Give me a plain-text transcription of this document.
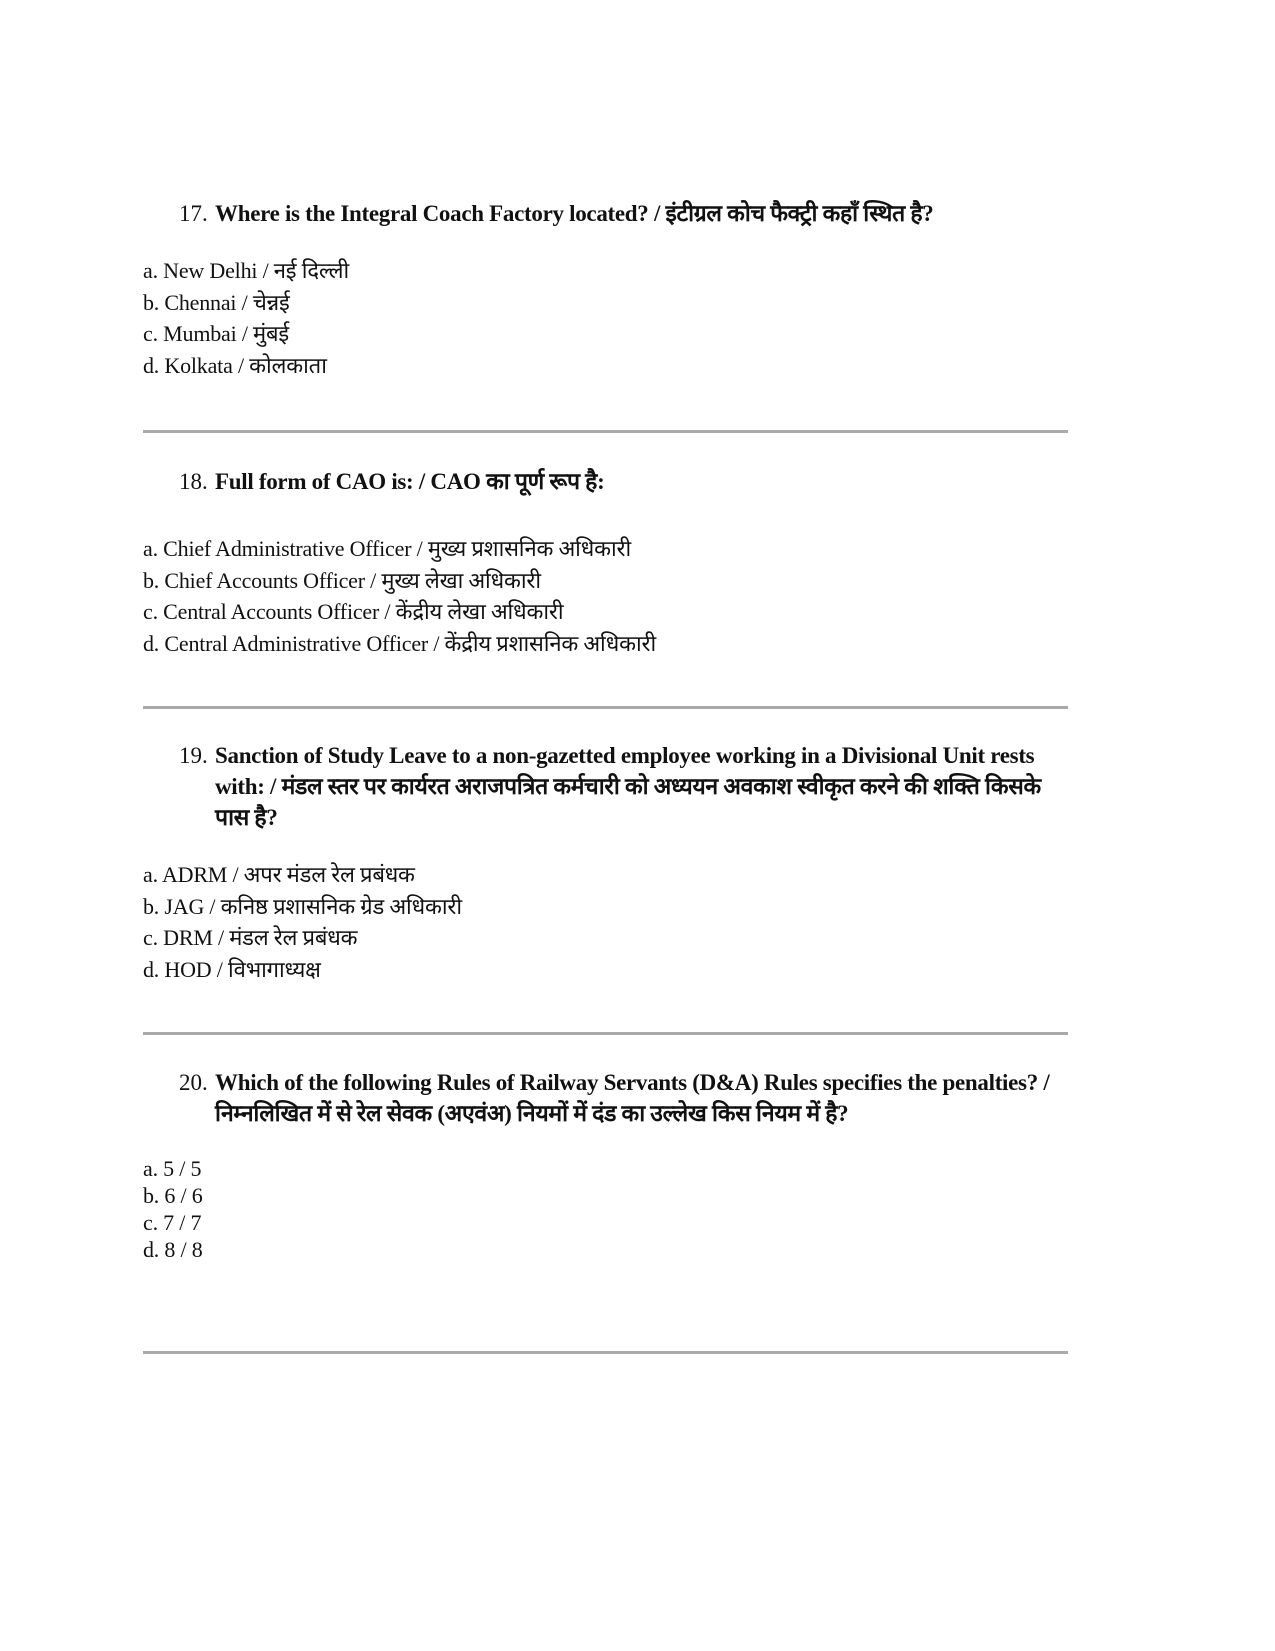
17. Where is the Integral Coach Factory located? / इंटीग्रल कोच फैक्ट्री कहाँ स्थित है?
a. New Delhi / नई दिल्ली
b. Chennai / चेन्नई
c. Mumbai / मुंबई
d. Kolkata / कोलकाता
18. Full form of CAO is: / CAO का पूर्ण रूप है:
a. Chief Administrative Officer / मुख्य प्रशासनिक अधिकारी
b. Chief Accounts Officer / मुख्य लेखा अधिकारी
c. Central Accounts Officer / केंद्रीय लेखा अधिकारी
d. Central Administrative Officer / केंद्रीय प्रशासनिक अधिकारी
19. Sanction of Study Leave to a non-gazetted employee working in a Divisional Unit rests with: / मंडल स्तर पर कार्यरत अराजपत्रित कर्मचारी को अध्ययन अवकाश स्वीकृत करने की शक्ति किसके पास है?
a. ADRM / अपर मंडल रेल प्रबंधक
b. JAG / कनिष्ठ प्रशासनिक ग्रेड अधिकारी
c. DRM / मंडल रेल प्रबंधक
d. HOD / विभागाध्यक्ष
20. Which of the following Rules of Railway Servants (D&A) Rules specifies the penalties? / निम्नलिखित में से रेल सेवक (अएवंअ) नियमों में दंड का उल्लेख किस नियम में है?
a. 5 / 5
b. 6 / 6
c. 7 / 7
d. 8 / 8
